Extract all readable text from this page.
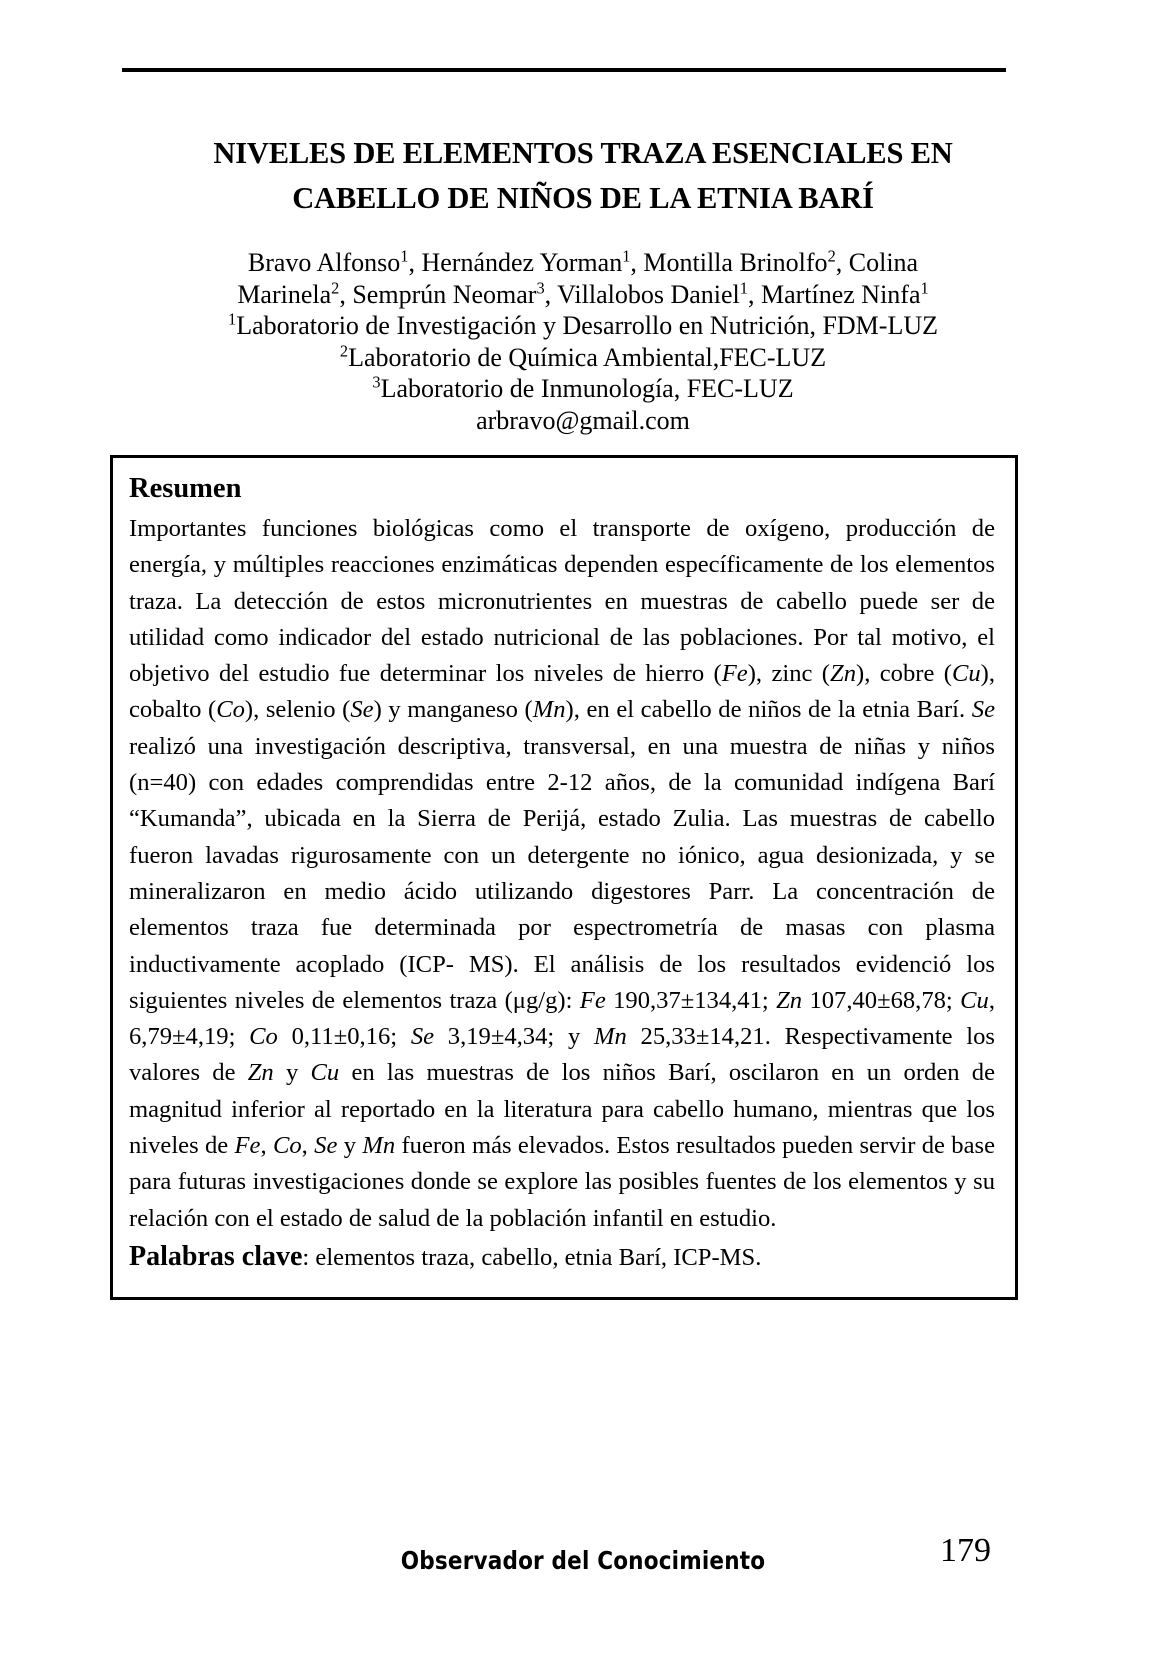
NIVELES DE ELEMENTOS TRAZA ESENCIALES EN
CABELLO DE NIÑOS DE LA ETNIA BARÍ
Bravo Alfonso$^1$, Hernández Yorman$^1$, Montilla Brinolfo$^2$, Colina
Marinela$^2$, Semprún Neomar$^3$, Villalobos Daniel$^1$, Martínez Ninfa$^1$
$^1$Laboratorio de Investigación y Desarrollo en Nutrición, FDM-LUZ
$^2$Laboratorio de Química Ambiental,FEC-LUZ
$^3$Laboratorio de Inmunología, FEC-LUZ
arbravo@gmail.com
Resumen

Importantes funciones biológicas como el transporte de oxígeno, producción de energía, y múltiples reacciones enzimáticas dependen específicamente de los elementos traza. La detección de estos micronutrientes en muestras de cabello puede ser de utilidad como indicador del estado nutricional de las poblaciones. Por tal motivo, el objetivo del estudio fue determinar los niveles de hierro (Fe), zinc (Zn), cobre (Cu), cobalto (Co), selenio (Se) y manganeso (Mn), en el cabello de niños de la etnia Barí. Se realizó una investigación descriptiva, transversal, en una muestra de niñas y niños (n=40) con edades comprendidas entre 2-12 años, de la comunidad indígena Barí “Kumanda”, ubicada en la Sierra de Perijá, estado Zulia. Las muestras de cabello fueron lavadas rigurosamente con un detergente no iónico, agua desionizada, y se mineralizaron en medio ácido utilizando digestores Parr. La concentración de elementos traza fue determinada por espectrometría de masas con plasma inductivamente acoplado (ICP- MS). El análisis de los resultados evidenció los siguientes niveles de elementos traza (μg/g): Fe 190,37±134,41; Zn 107,40±68,78; Cu, 6,79±4,19; Co 0,11±0,16; Se 3,19±4,34; y Mn 25,33±14,21. Respectivamente los valores de Zn y Cu en las muestras de los niños Barí, oscilaron en un orden de magnitud inferior al reportado en la literatura para cabello humano, mientras que los niveles de Fe, Co, Se y Mn fueron más elevados. Estos resultados pueden servir de base para futuras investigaciones donde se explore las posibles fuentes de los elementos y su relación con el estado de salud de la población infantil en estudio.

Palabras clave: elementos traza, cabello, etnia Barí, ICP-MS.
Observador del Conocimiento	179
